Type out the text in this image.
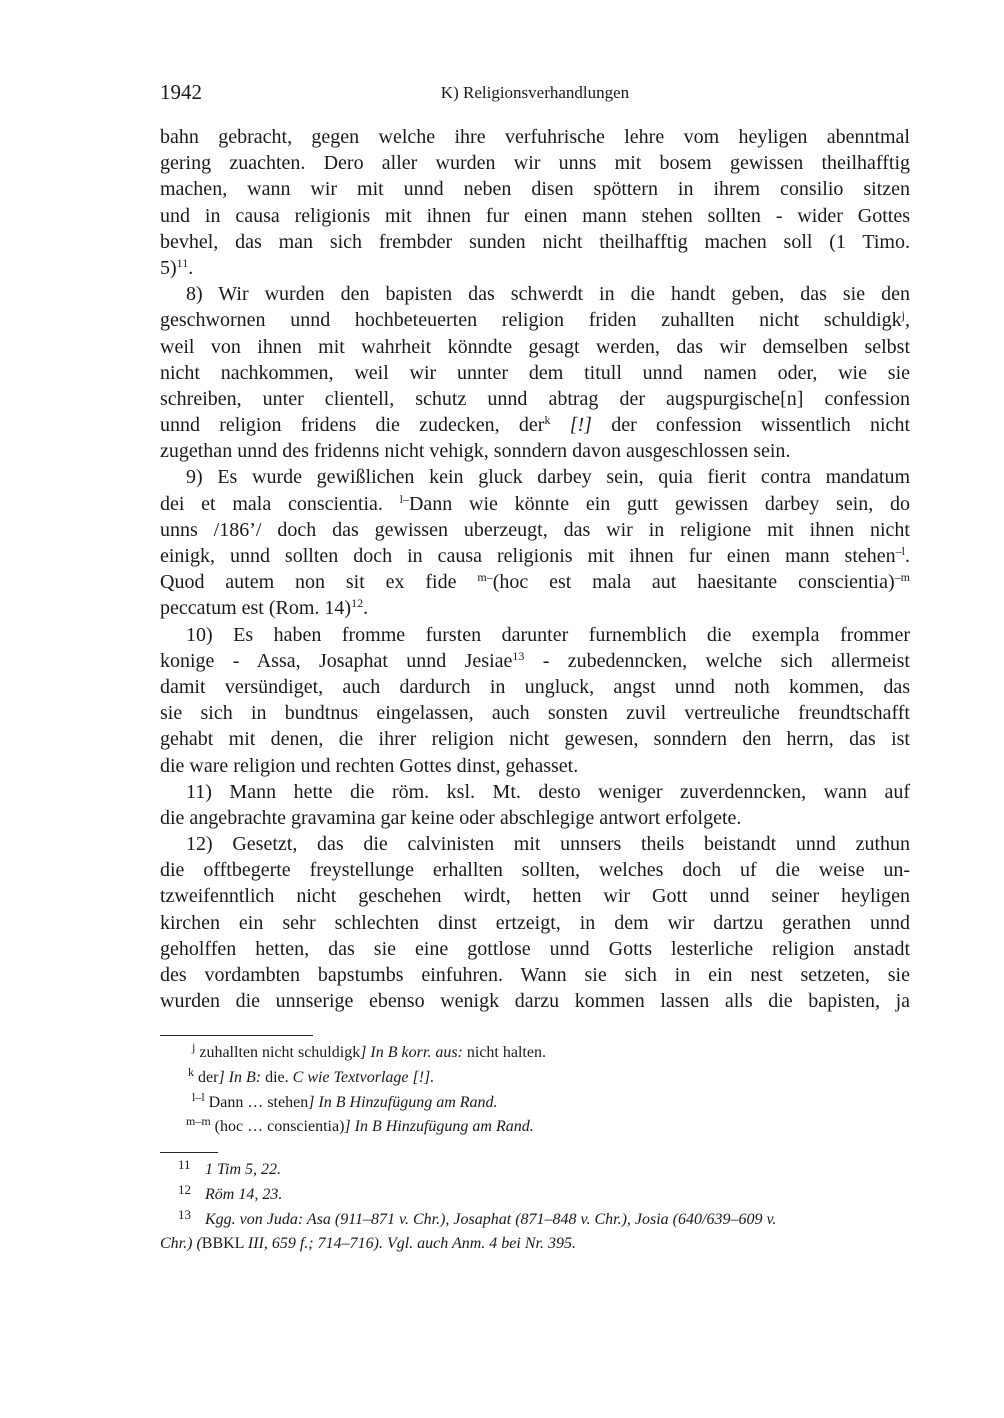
1942	K) Religionsverhandlungen
bahn gebracht, gegen welche ihre verfuhrische lehre vom heyligen abenntmal
gering zuachten. Dero aller wurden wir unns mit bosem gewissen theilhafftig
machen, wann wir mit unnd neben disen spöttern in ihrem consilio sitzen
und in causa religionis mit ihnen fur einen mann stehen sollten - wider Gottes
bevhel, das man sich frembder sunden nicht theilhafftig machen soll (1 Timo.
5)$^{11}$.
8) Wir wurden den bapisten das schwerdt in die handt geben, das sie den
geschwornen unnd hochbeteuerten religion friden zuhallten nicht schuldigk$^j$,
weil von ihnen mit wahrheit könndte gesagt werden, das wir demselben selbst
nicht nachkommen, weil wir unnter dem titull unnd namen oder, wie sie
schreiben, unter clientell, schutz unnd abtrag der augspurgische[n] confession
unnd religion fridens die zudecken, der$^k$ [!] der confession wissentlich nicht
zugethan unnd des fridenns nicht vehigk, sonndern davon ausgeschlossen sein.
9) Es wurde gewißlichen kein gluck darbey sein, quia fierit contra mandatum
dei et mala conscientia. $^{l-}$Dann wie könnte ein gutt gewissen darbey sein, do
unns /186’/ doch das gewissen uberzeugt, das wir in religione mit ihnen nicht
einigk, unnd sollten doch in causa religionis mit ihnen fur einen mann stehen$^{-l}$.
Quod autem non sit ex fide $^{m-}$(hoc est mala aut haesitante conscientia)$^{-m}$
peccatum est (Rom. 14)$^{12}$.
10) Es haben fromme fursten darunter furnemblich die exempla frommer
konige - Assa, Josaphat unnd Jesiae$^{13}$ - zubedenncken, welche sich allermeist
damit versündiget, auch dardurch in ungluck, angst unnd noth kommen, das
sie sich in bundtnus eingelassen, auch sonsten zuvil vertreuliche freundtschafft
gehabt mit denen, die ihrer religion nicht gewesen, sonndern den herrn, das ist
die ware religion und rechten Gottes dinst, gehasset.
11) Mann hette die röm. ksl. Mt. desto weniger zuverdenncken, wann auf
die angebrachte gravamina gar keine oder abschlegige antwort erfolgete.
12) Gesetzt, das die calvinisten mit unnsers theils beistandt unnd zuthun
die offtbegerte freystellunge erhallten sollten, welches doch uf die weise un-
tzweifenntlich nicht geschehen wirdt, hetten wir Gott unnd seiner heyligen
kirchen ein sehr schlechten dinst ertzeigt, in dem wir dartzu gerathen unnd
geholffen hetten, das sie eine gottlose unnd Gotts lesterliche religion anstadt
des vordambten bapstumbs einfuhren. Wann sie sich in ein nest setzeten, sie
wurden die unnserige ebenso wenigk darzu kommen lassen alls die bapisten, ja
$^j$ zuhallten nicht schuldigk] In B korr. aus: nicht halten.
$^k$ der] In B: die. C wie Textvorlage [!].
$^{l-l}$ Dann … stehen] In B Hinzufügung am Rand.
$^{m-m}$ (hoc … conscientia)] In B Hinzufügung am Rand.
11 1 Tim 5, 22.
12 Röm 14, 23.
13 Kgg. von Juda: Asa (911–871 v. Chr.), Josaphat (871–848 v. Chr.), Josia (640/639–609 v.
Chr.) (BBKL III, 659 f.; 714–716). Vgl. auch Anm. 4 bei Nr. 395.
